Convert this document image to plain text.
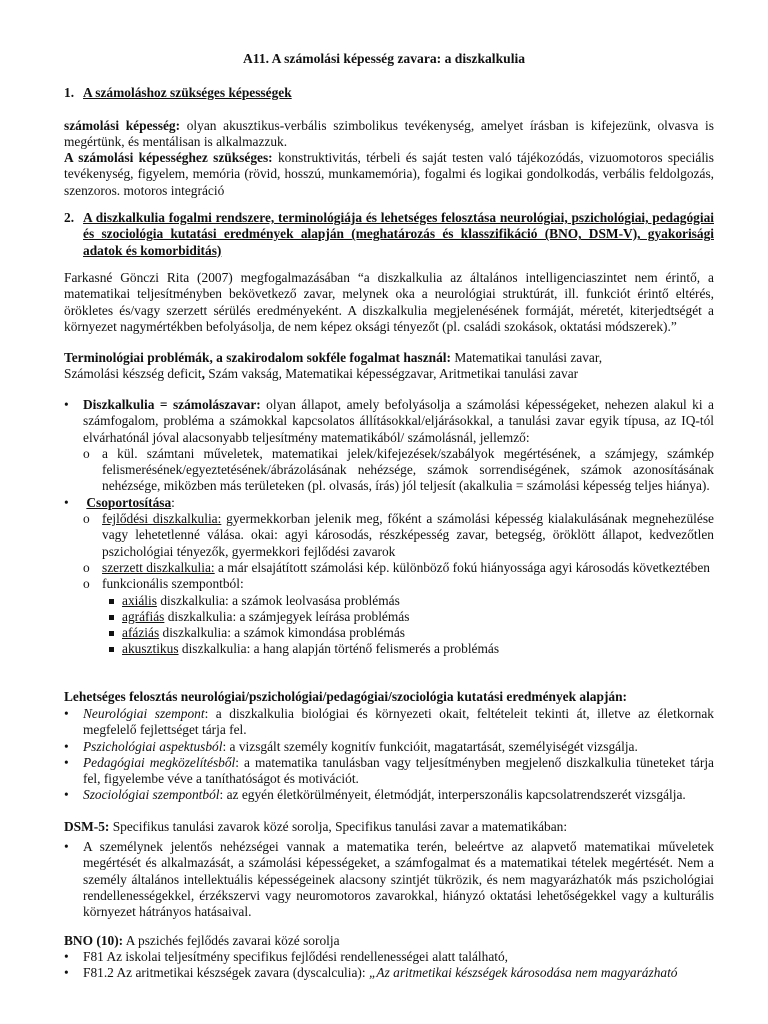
A11. A számolási képesség zavara: a diszkalkulia
1. A számoláshoz szükséges képességek
számolási képesség: olyan akusztikus-verbális szimbolikus tevékenység, amelyet írásban is kifejezünk, olvasva is megértünk, és mentálisan is alkalmazzuk.
A számolási képességhez szükséges: konstruktivitás, térbeli és saját testen való tájékozódás, vizuomotoros speciális tevékenység, figyelem, memória (rövid, hosszú, munkamemória), fogalmi és logikai gondolkodás, verbális feldolgozás, szenzoros. motoros integráció
2. A diszkalkulia fogalmi rendszere, terminológiája és lehetséges felosztása neurológiai, pszichológiai, pedagógiai és szociológia kutatási eredmények alapján (meghatározás és klasszifikáció (BNO, DSM-V), gyakorisági adatok és komorbiditás)
Farkasné Gönczi Rita (2007) megfogalmazásában “a diszkalkulia az általános intelligenciaszintet nem érintő, a matematikai teljesítményben bekövetkező zavar, melynek oka a neurológiai struktúrát, ill. funkciót érintő eltérés, örökletes és/vagy szerzett sérülés eredményeként. A diszkalkulia megjelenésének formáját, méretét, kiterjedtségét a környezet nagymértékben befolyásolja, de nem képez oksági tényezőt (pl. családi szokások, oktatási módszerek).”
Terminológiai problémák, a szakirodalom sokféle fogalmat használ: Matematikai tanulási zavar,
Számolási készség deficit, Szám vakság, Matematikai képességzavar, Aritmetikai tanulási zavar
• Diszkalkulia = számolászavar: olyan állapot, amely befolyásolja a számolási képességeket, nehezen alakul ki a számfogalom, probléma a számokkal kapcsolatos állításokkal/eljárásokkal, a tanulási zavar egyik típusa, az IQ-tól elvárhatónál jóval alacsonyabb teljesítmény matematikából/ számolásnál, jellemző:
o a kül. számtani műveletek, matematikai jelek/kifejezések/szabályok megértésének, a számjegy, számkép felismerésének/egyeztetésének/ábrázolásának nehézsége, számok sorrendiségének, számok azonosításának nehézsége, miközben más területeken (pl. olvasás, írás) jól teljesít (akalkulia = számolási képesség teljes hiánya).
• Csoportosítása:
o fejlődési diszkalkulia: gyermekkorban jelenik meg, főként a számolási képesség kialakulásának megnehezülése vagy lehetetlenné válása. okai: agyi károsodás, részképesség zavar, betegség, öröklött állapot, kedvezőtlen pszichológiai tényezők, gyermekkori fejlődési zavarok
o szerzett diszkalkulia: a már elsajátított számolási kép. különböző fokú hiányossága agyi károsodás következtében
o funkcionális szempontból:
axiális diszkalkulia: a számok leolvasása problémás
agráfiás diszkalkulia: a számjegyek leírása problémás
afáziás diszkalkulia: a számok kimondása problémás
akusztikus diszkalkulia: a hang alapján történő felismerés a problémás
Lehetséges felosztás neurológiai/pszichológiai/pedagógiai/szociológia kutatási eredmények alapján:
• Neurológiai szempont: a diszkalkulia biológiai és környezeti okait, feltételeit tekinti át, illetve az életkornak megfelelő fejlettséget tárja fel.
• Pszichológiai aspektusból: a vizsgált személy kognitív funkcióit, magatartását, személyiségét vizsgálja.
• Pedagógiai megközelítésből: a matematika tanulásban vagy teljesítményben megjelenő diszkalkulia tüneteket tárja fel, figyelembe véve a taníthatóságot és motivációt.
• Szociológiai szempontból: az egyén életkörülményeit, életmódját, interperszonális kapcsolatrendszerét vizsgálja.
DSM-5: Specifikus tanulási zavarok közé sorolja, Specifikus tanulási zavar a matematikában:
• A személynek jelentős nehézségei vannak a matematika terén, beleértve az alapvető matematikai műveletek megértését és alkalmazását, a számolási képességeket, a számfogalmat és a matematikai tételek megértését. Nem a személy általános intellektuális képességeinek alacsony szintjét tükrözik, és nem magyarázhatók más pszichológiai rendellenességekkel, érzékszervi vagy neuromotoros zavarokkal, hiányzó oktatási lehetőségekkel vagy a kulturális környezet hátrányos hatásaival.
BNO (10): A pszichés fejlődés zavarai közé sorolja
• F81 Az iskolai teljesítmény specifikus fejlődési rendellenességei alatt található,
• F81.2 Az aritmetikai készségek zavara (dyscalculia): „Az aritmetikai készségek károsodása nem magyarázható
